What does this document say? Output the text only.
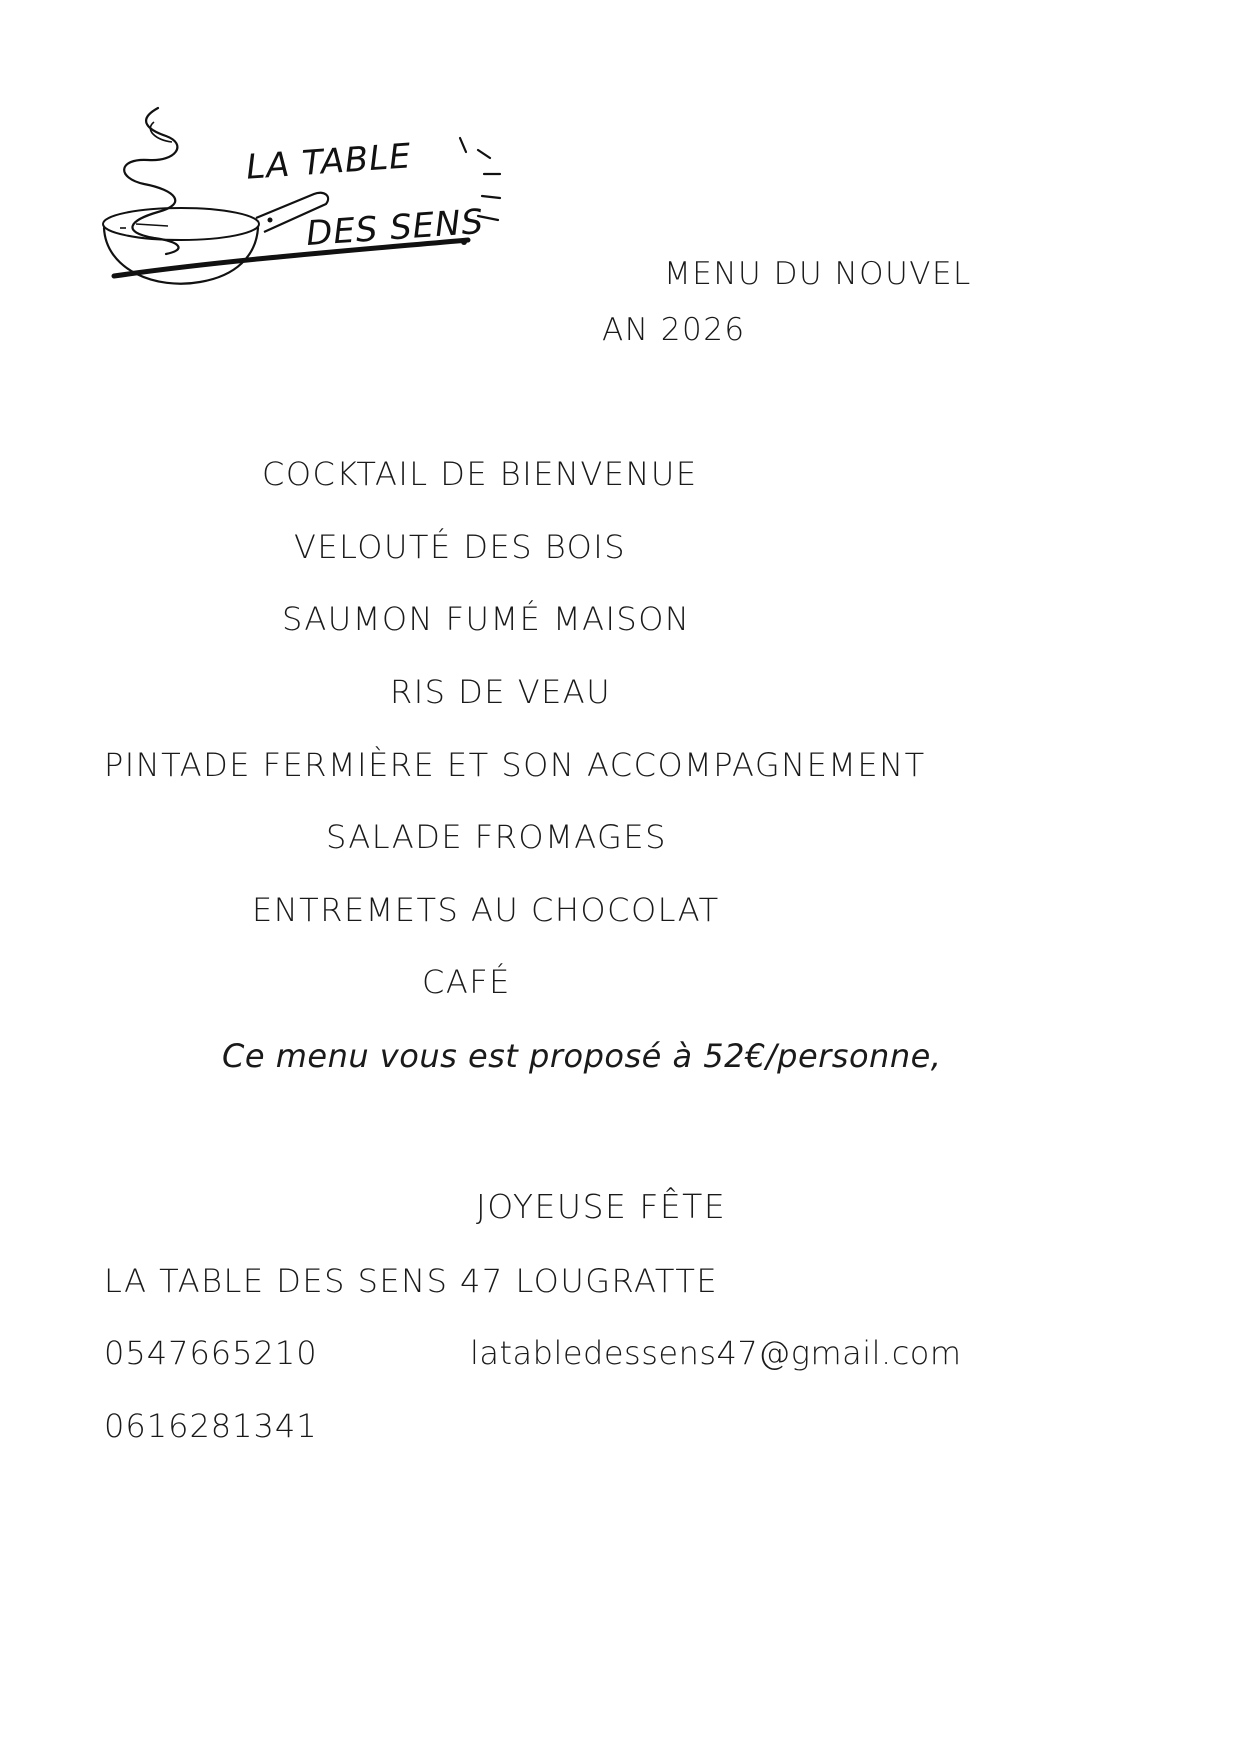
LA TABLE
DES SENS
MENU DU NOUVEL
AN 2026
COCKTAIL DE BIENVENUE
VELOUTÉ DES BOIS
SAUMON FUMÉ MAISON
RIS DE VEAU
PINTADE FERMIÈRE ET SON ACCOMPAGNEMENT
SALADE FROMAGES
ENTREMETS AU CHOCOLAT
CAFÉ
Ce menu vous est proposé à 52€/personne,
JOYEUSE FÊTE
LA TABLE DES SENS 47 LOUGRATTE
0547665210	latabledessens47@gmail.com
0616281341
